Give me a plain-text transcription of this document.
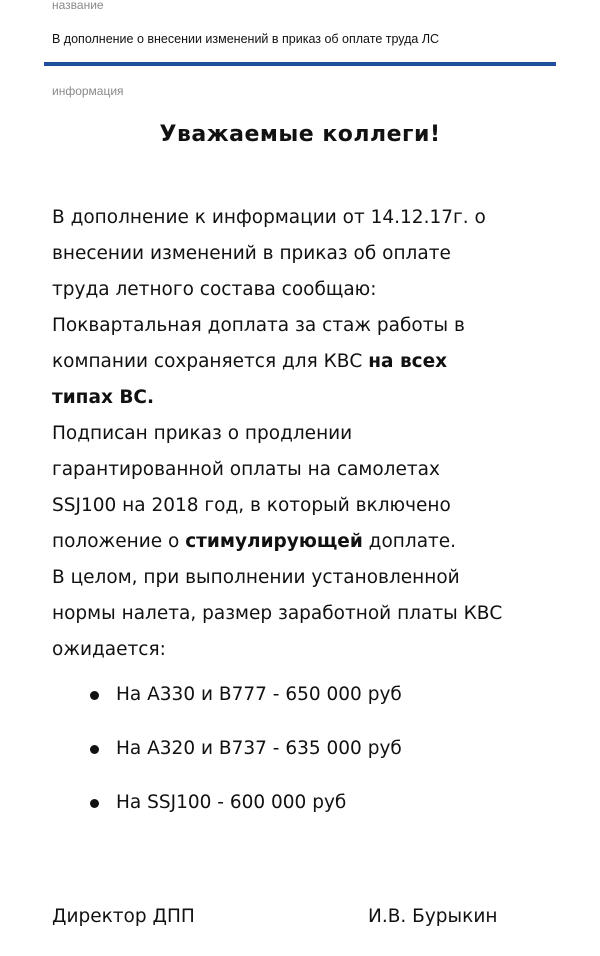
название
В дополнение о внесении изменений в приказ об оплате труда ЛС
информация
Уважаемые коллеги!
В дополнение к информации от 14.12.17г. о
внесении изменений в приказ об оплате
труда летного состава сообщаю:
Поквартальная доплата за стаж работы в
компании сохраняется для КВС на всех
типах ВС.
Подписан приказ о продлении
гарантированной оплаты на самолетах
SSJ100 на 2018 год, в который включено
положение о стимулирующей доплате.
В целом, при выполнении установленной
нормы налета, размер заработной платы КВС
ожидается:
На А330 и В777 - 650 000 руб
На А320 и В737 - 635 000 руб
На SSJ100 - 600 000 руб
Директор ДПП	И.В. Бурыкин
